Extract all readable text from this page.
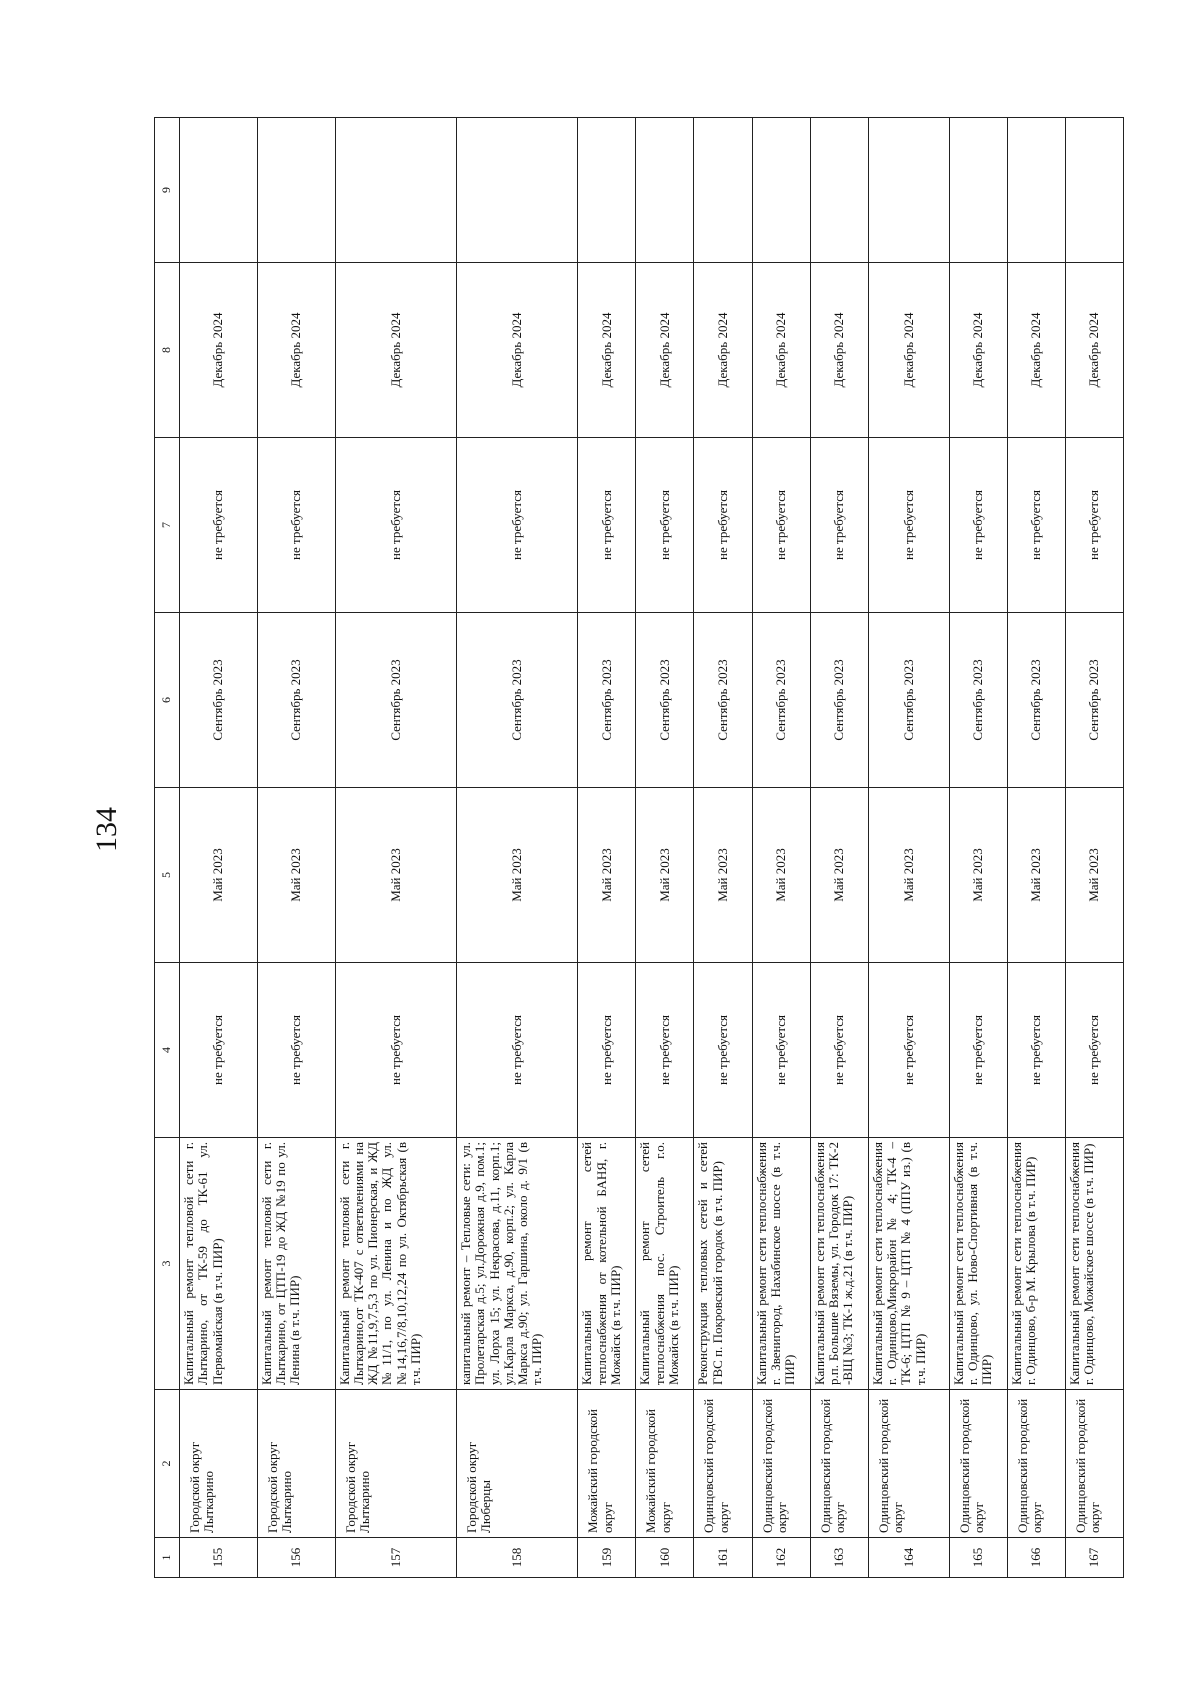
134
1	2	3	4	5	6	7	8	9
155	Городской округ Лыткарино	Капитальный ремонт тепловой сети г. Лыткарино, от ТК-59 до ТК-61 ул. Первомайская (в т.ч. ПИР)	не требуется	Май 2023	Сентябрь 2023	не требуется	Декабрь 2024	
156	Городской округ Лыткарино	Капитальный ремонт тепловой сети г. Лыткарино, от ЦТП-19 до ЖД №19 по ул. Ленина (в т.ч. ПИР)	не требуется	Май 2023	Сентябрь 2023	не требуется	Декабрь 2024	
157	Городской округ Лыткарино	Капитальный ремонт тепловой сети г. Лыткарино,от ТК-407 с ответвлениями на ЖД №11,9,7,5,3 по ул. Пионерская, и ЖД №11/1, по ул. Ленина и по ЖД ул. №14,16,7/8,10,12,24 по ул. Октябрьская (в т.ч. ПИР)	не требуется	Май 2023	Сентябрь 2023	не требуется	Декабрь 2024	
158	Городской округ Люберцы	капитальный ремонт – Тепловые сети: ул. Пролетарская д.5; ул.Дорожная д.9, пом.1; ул. Лорха 15; ул. Некрасова, д.11, корп.1; ул.Карла Маркса, д.90, корп.2; ул. Карла Маркса д.90; ул. Гаршина, около д. 9/1 (в т.ч. ПИР)	не требуется	Май 2023	Сентябрь 2023	не требуется	Декабрь 2024	
159	Можайский городской округ	Капитальный ремонт сетей теплоснабжения от котельной БАНЯ, г. Можайск (в т.ч. ПИР)	не требуется	Май 2023	Сентябрь 2023	не требуется	Декабрь 2024	
160	Можайский городской округ	Капитальный ремонт сетей теплоснабжения пос. Строитель г.о. Можайск (в т.ч. ПИР)	не требуется	Май 2023	Сентябрь 2023	не требуется	Декабрь 2024	
161	Одинцовский городской округ	Реконструкция тепловых сетей и сетей ГВС п. Покровский городок (в т.ч. ПИР)	не требуется	Май 2023	Сентябрь 2023	не требуется	Декабрь 2024	
162	Одинцовский городской округ	Капитальный ремонт сети теплоснабжения г. Звенигород, Нахабинское шоссе (в т.ч. ПИР)	не требуется	Май 2023	Сентябрь 2023	не требуется	Декабрь 2024	
163	Одинцовский городской округ	Капитальный ремонт сети теплоснабжения р.п. Большие Вяземы, ул. Городок 17: ТК-2 -ВЩ №3; ТК-1 ж.д.21 (в т.ч. ПИР)	не требуется	Май 2023	Сентябрь 2023	не требуется	Декабрь 2024	
164	Одинцовский городской округ	Капитальный ремонт сети теплоснабжения г. Одинцово,Микрорайон № 4; ТК-4 – ТК-6; ЦТП № 9 – ЦТП № 4 (ППУ из.) (в т.ч. ПИР)	не требуется	Май 2023	Сентябрь 2023	не требуется	Декабрь 2024	
165	Одинцовский городской округ	Капитальный ремонт сети теплоснабжения г. Одинцово, ул. Ново-Спортивная (в т.ч. ПИР)	не требуется	Май 2023	Сентябрь 2023	не требуется	Декабрь 2024	
166	Одинцовский городской округ	Капитальный ремонт сети теплоснабжения г. Одинцово, б-р М. Крылова (в т.ч. ПИР)	не требуется	Май 2023	Сентябрь 2023	не требуется	Декабрь 2024	
167	Одинцовский городской округ	Капитальный ремонт сети теплоснабжения г. Одинцово, Можайское шоссе (в т.ч. ПИР)	не требуется	Май 2023	Сентябрь 2023	не требуется	Декабрь 2024	
